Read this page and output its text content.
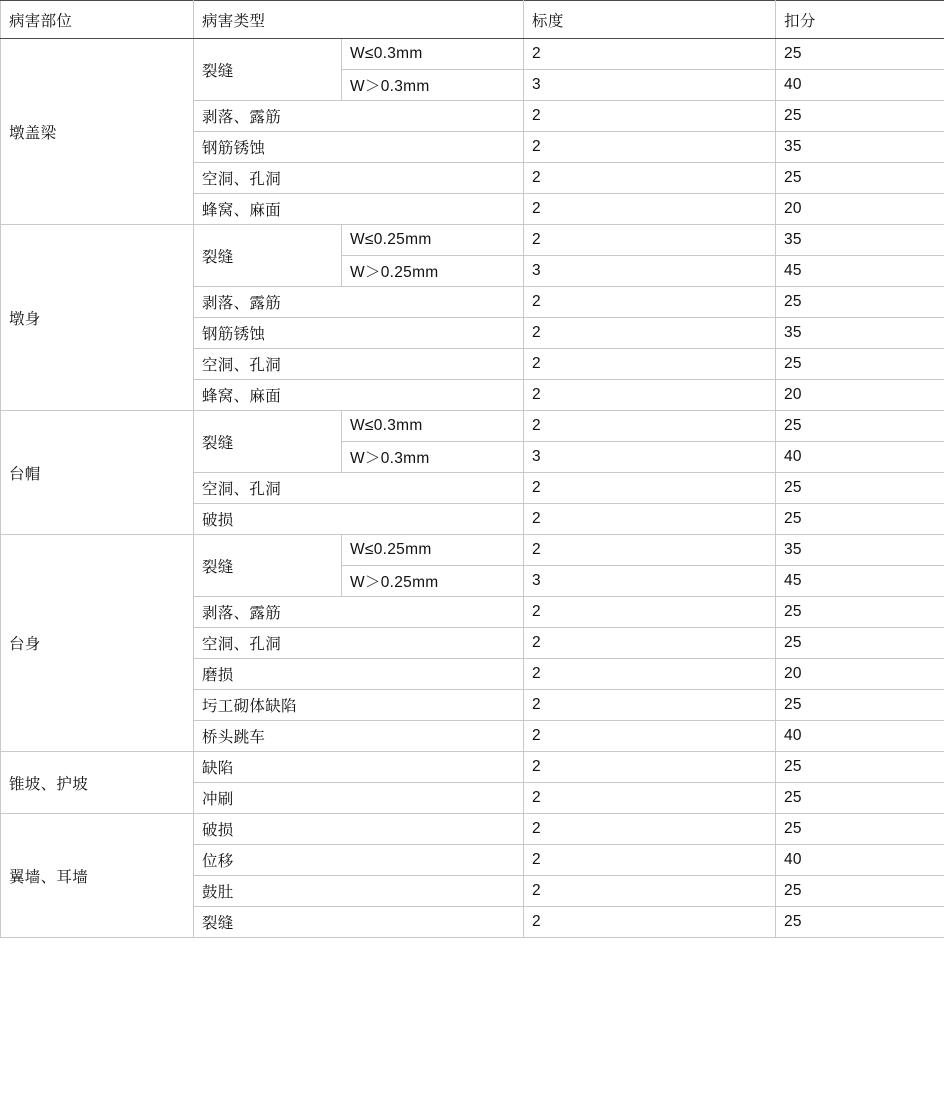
病害部位	病害类型		标度	扣分
墩盖梁	裂缝	W≤0.3mm	2	25
		W＞0.3mm	3	40
	剥落、露筋		2	25
	钢筋锈蚀		2	35
	空洞、孔洞		2	25
	蜂窝、麻面		2	20
墩身	裂缝	W≤0.25mm	2	35
		W＞0.25mm	3	45
	剥落、露筋		2	25
	钢筋锈蚀		2	35
	空洞、孔洞		2	25
	蜂窝、麻面		2	20
台帽	裂缝	W≤0.3mm	2	25
		W＞0.3mm	3	40
	空洞、孔洞		2	25
	破损		2	25
台身	裂缝	W≤0.25mm	2	35
		W＞0.25mm	3	45
	剥落、露筋		2	25
	空洞、孔洞		2	25
	磨损		2	20
	圬工砌体缺陷		2	25
	桥头跳车		2	40
锥坡、护坡	缺陷		2	25
	冲刷		2	25
翼墙、耳墙	破损		2	25
	位移		2	40
	鼓肚		2	25
	裂缝		2	25
